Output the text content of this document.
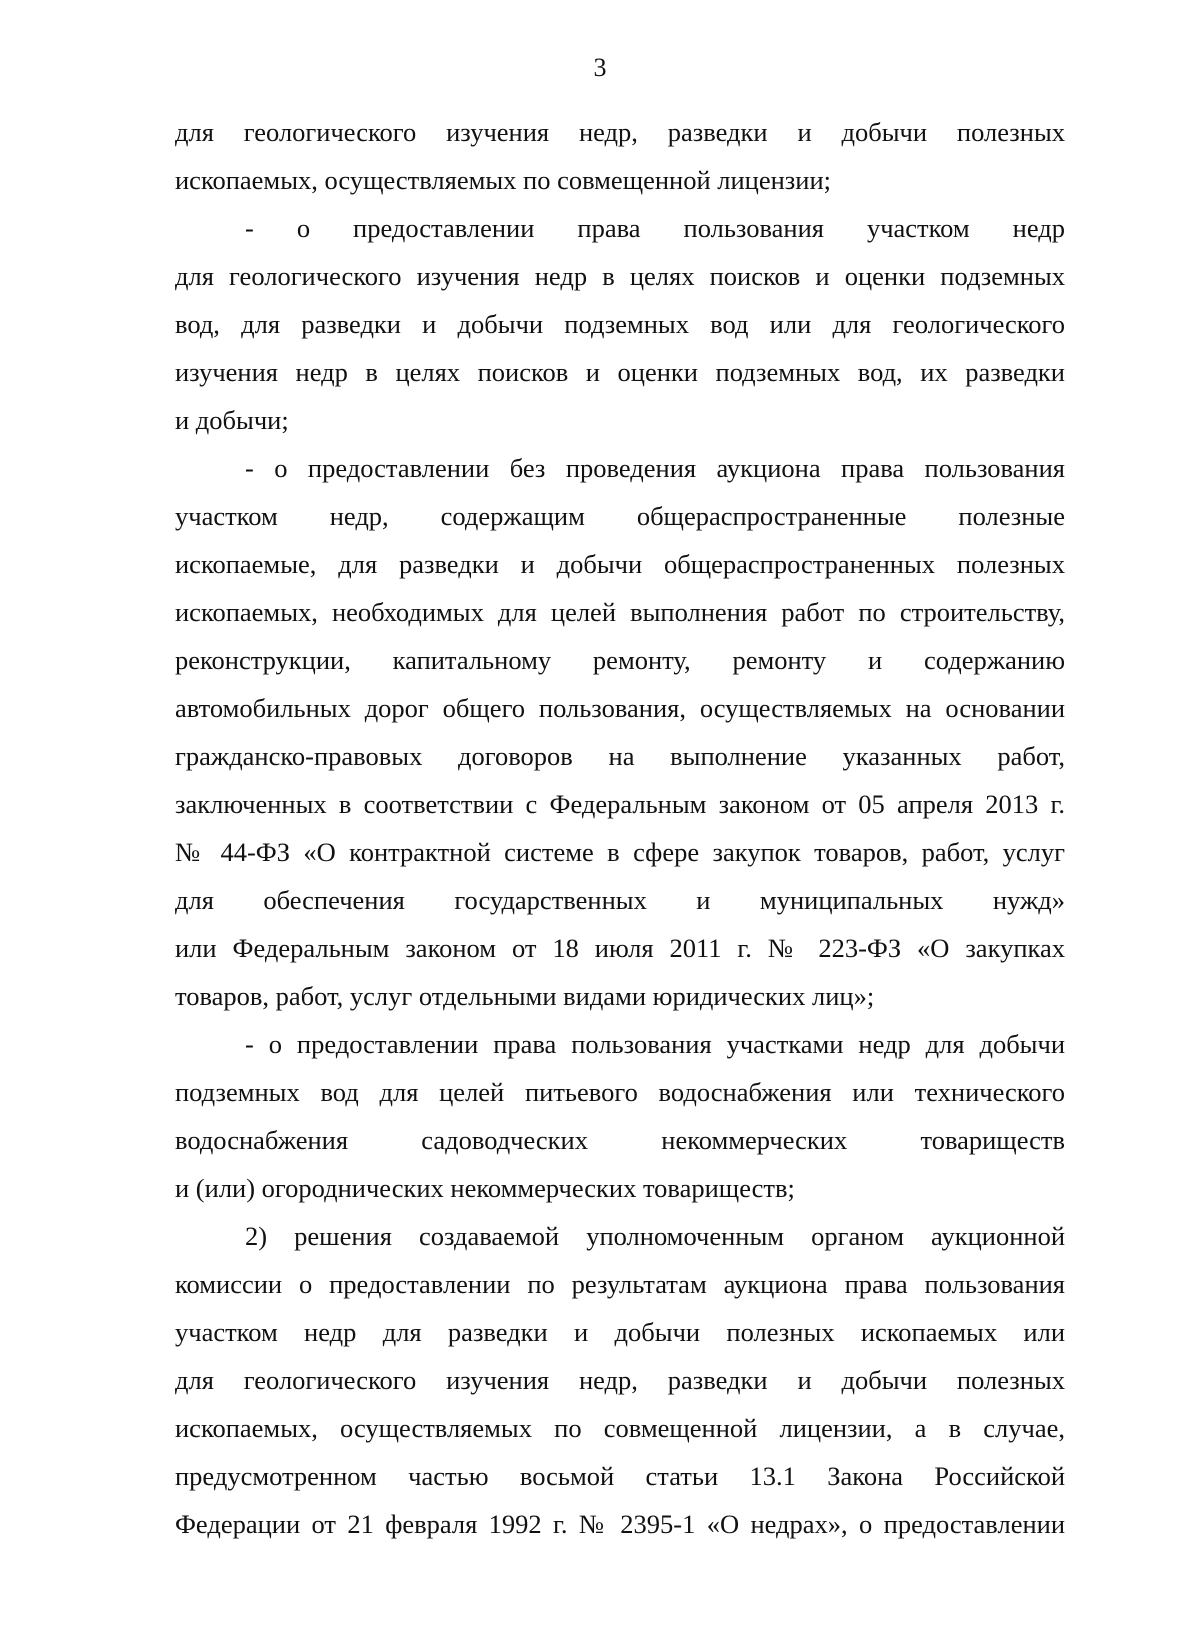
3
для геологического изучения недр, разведки и добычи полезных
ископаемых, осуществляемых по совмещенной лицензии;
- о предоставлении права пользования участком недр
для геологического изучения недр в целях поисков и оценки подземных
вод, для разведки и добычи подземных вод или для геологического
изучения недр в целях поисков и оценки подземных вод, их разведки
и добычи;
- о предоставлении без проведения аукциона права пользования
участком недр, содержащим общераспространенные полезные
ископаемые, для разведки и добычи общераспространенных полезных
ископаемых, необходимых для целей выполнения работ по строительству,
реконструкции, капитальному ремонту, ремонту и содержанию
автомобильных дорог общего пользования, осуществляемых на основании
гражданско-правовых договоров на выполнение указанных работ,
заключенных в соответствии с Федеральным законом от 05 апреля 2013 г.
№ 44-ФЗ «О контрактной системе в сфере закупок товаров, работ, услуг
для обеспечения государственных и муниципальных нужд»
или Федеральным законом от 18 июля 2011 г. № 223-ФЗ «О закупках
товаров, работ, услуг отдельными видами юридических лиц»;
- о предоставлении права пользования участками недр для добычи
подземных вод для целей питьевого водоснабжения или технического
водоснабжения садоводческих некоммерческих товариществ
и (или) огороднических некоммерческих товариществ;
2) решения создаваемой уполномоченным органом аукционной
комиссии о предоставлении по результатам аукциона права пользования
участком недр для разведки и добычи полезных ископаемых или
для геологического изучения недр, разведки и добычи полезных
ископаемых, осуществляемых по совмещенной лицензии, а в случае,
предусмотренном частью восьмой статьи 13.1 Закона Российской
Федерации от 21 февраля 1992 г. № 2395-1 «О недрах», о предоставлении
